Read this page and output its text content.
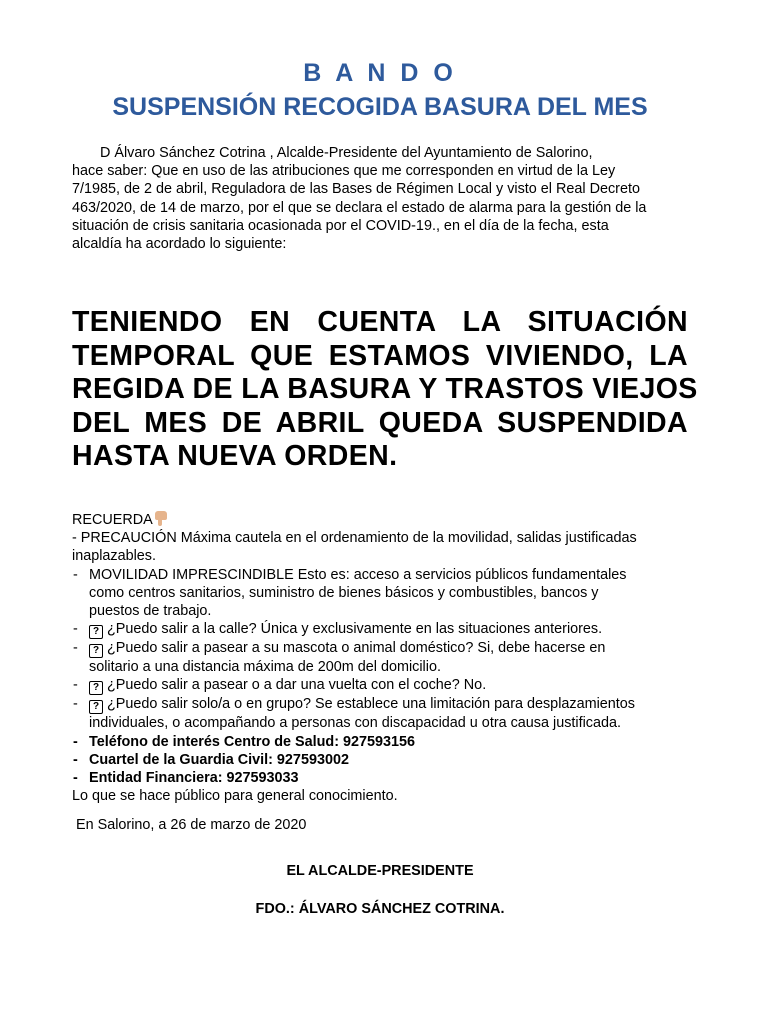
B A N D O
SUSPENSIÓN RECOGIDA BASURA DEL MES
D Álvaro Sánchez Cotrina , Alcalde-Presidente del Ayuntamiento de Salorino,
hace saber: Que en uso de las atribuciones que me corresponden en virtud de la Ley
7/1985, de 2 de abril, Reguladora de las Bases de Régimen Local y visto el Real Decreto
463/2020, de 14 de marzo, por el que se declara el estado de alarma para la gestión de la
situación de crisis sanitaria ocasionada por el COVID-19., en el día de la fecha, esta
alcaldía ha acordado lo siguiente:
TENIENDO EN CUENTA LA SITUACIÓN
TEMPORAL QUE ESTAMOS VIVIENDO, LA
REGIDA DE LA BASURA Y TRASTOS VIEJOS
DEL MES DE ABRIL QUEDA SUSPENDIDA
HASTA NUEVA ORDEN.
RECUERDA
- PRECAUCIÓN Máxima cautela en el ordenamiento de la movilidad, salidas justificadas
inaplazables.
- MOVILIDAD IMPRESCINDIBLE Esto es: acceso a servicios públicos fundamentales
como centros sanitarios, suministro de bienes básicos y combustibles, bancos y
puestos de trabajo.
-	? ¿Puedo salir a la calle? Única y exclusivamente en las situaciones anteriores.
-	? ¿Puedo salir a pasear a su mascota o animal doméstico? Si, debe hacerse en
solitario a una distancia máxima de 200m del domicilio.
-	? ¿Puedo salir a pasear o a dar una vuelta con el coche? No.
-	? ¿Puedo salir solo/a o en grupo? Se establece una limitación para desplazamientos
individuales, o acompañando a personas con discapacidad u otra causa justificada.
- Teléfono de interés Centro de Salud: 927593156
- Cuartel de la Guardia Civil: 927593002
- Entidad Financiera: 927593033
Lo que se hace público para general conocimiento.
En Salorino, a 26 de marzo de 2020
EL ALCALDE-PRESIDENTE
FDO.: ÁLVARO SÁNCHEZ COTRINA.
